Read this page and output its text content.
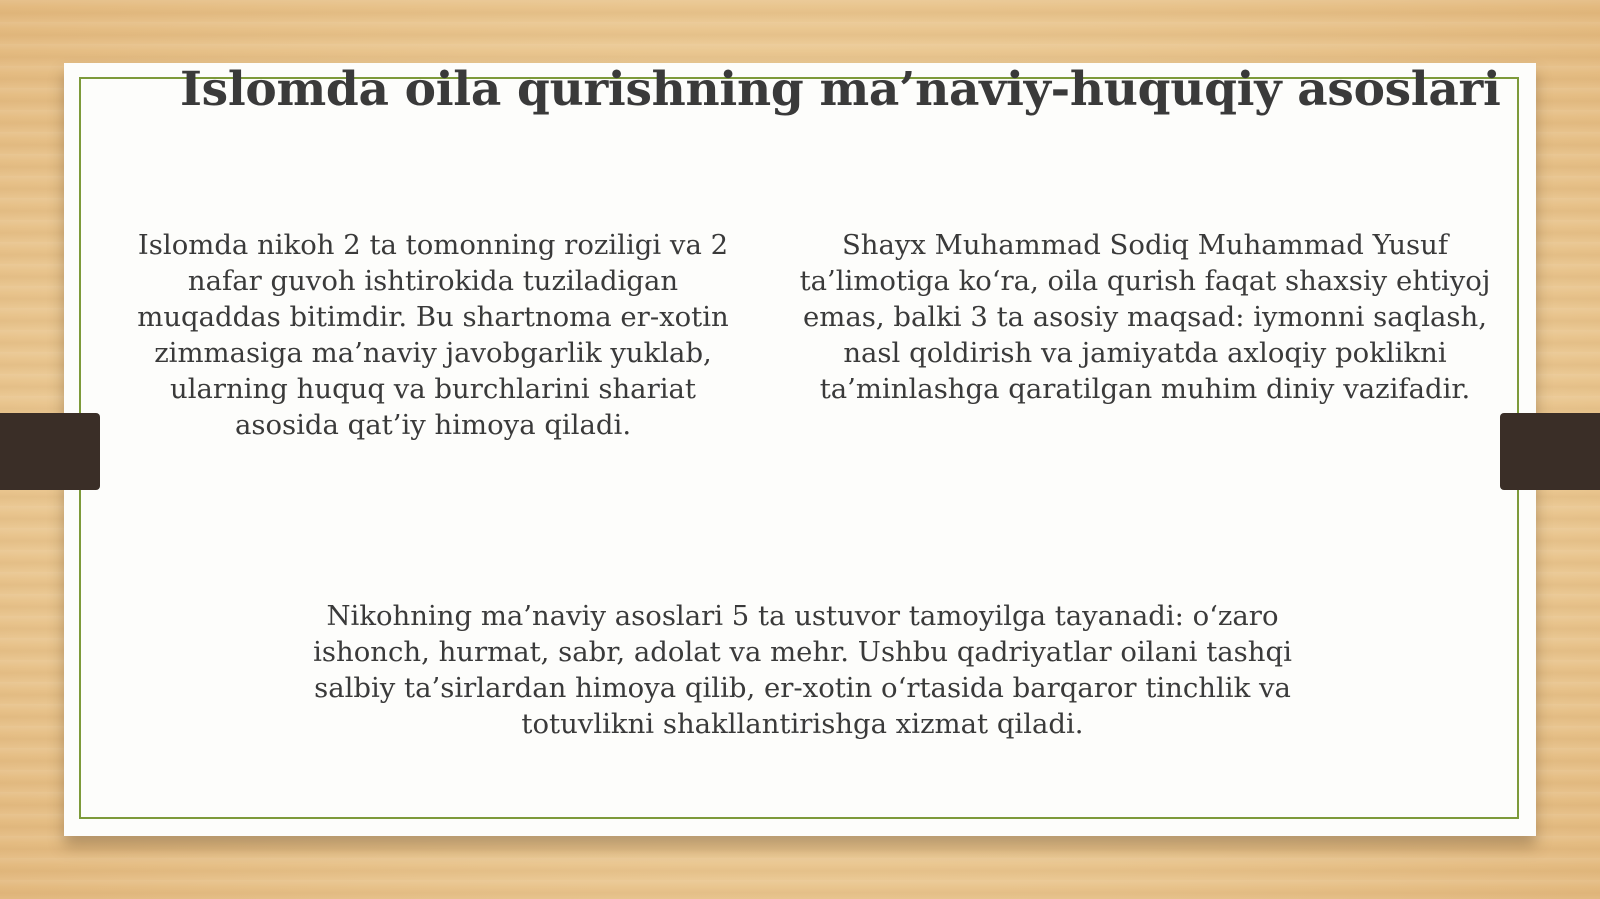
Islomda oila qurishning ma’naviy-huquqiy asoslari

Islomda nikoh 2 ta tomonning roziligi va 2 nafar guvoh ishtirokida tuziladigan muqaddas bitimdir. Bu shartnoma er-xotin zimmasiga ma’naviy javobgarlik yuklab, ularning huquq va burchlarini shariat asosida qat’iy himoya qiladi.

Shayx Muhammad Sodiq Muhammad Yusuf ta’limotiga ko‘ra, oila qurish faqat shaxsiy ehtiyoj emas, balki 3 ta asosiy maqsad: iymonni saqlash, nasl qoldirish va jamiyatda axloqiy poklikni ta’minlashga qaratilgan muhim diniy vazifadir.

Nikohning ma’naviy asoslari 5 ta ustuvor tamoyilga tayanadi: o‘zaro ishonch, hurmat, sabr, adolat va mehr. Ushbu qadriyatlar oilani tashqi salbiy ta’sirlardan himoya qilib, er-xotin o‘rtasida barqaror tinchlik va totuvlikni shakllantirishga xizmat qiladi.
